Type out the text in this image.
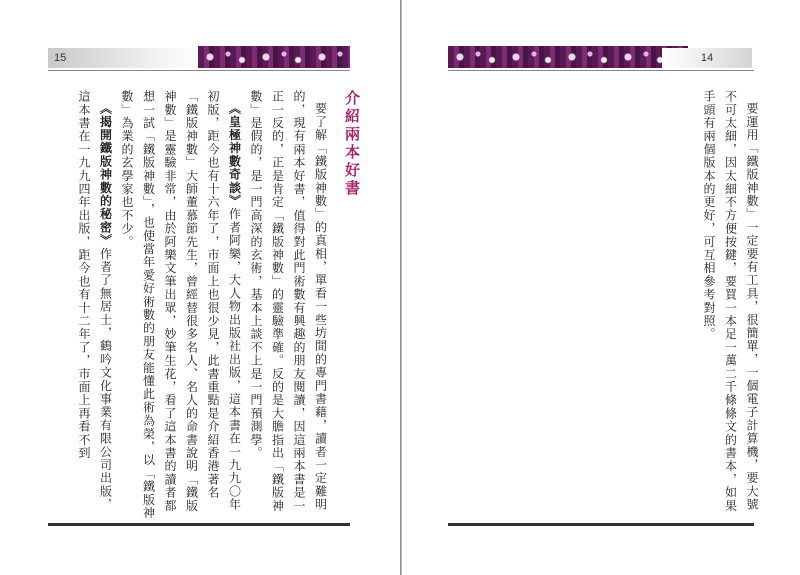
15

介紹兩本好書

要了解「鐵版神數」的真相，單看一些坊間的專門書藉，讀者一定難明的，現有兩本好書，值得對此門術數有興趣的朋友閱讀，因這兩本書是一正一反的，正是肯定「鐵版神數」的靈驗準確。反的是大膽指出「鐵版神數」是假的，是一門高深的玄術，基本上談不上是一門預測學。

《皇極神數奇談》作者阿樂，大人物出版社出版，這本書在一九九〇年初版，距今也有十六年了，市面上也很少見，此書重點是介紹香港著名「鐵版神數」大師董慕節先生，曾經替很多名人、名人的命書說明「鐵版神數」是靈驗非常，由於阿樂文筆出眾，妙筆生花，看了這本書的讀者都想一試「鐵版神數」，也使當年愛好術數的朋友能懂此術為榮，以「鐵版神數」為業的玄學家也不少。

《揭開鐵版神數的秘密》作者了無居士，鶴吟文化事業有限公司出版，這本書在一九九四年出版，距今也有十二年了，市面上再看不到

14

要運用「鐵版神數」一定要有工具，很簡單，一個電子計算機，要大號不可太細，因太細不方便按鍵，要買一本足一萬二千條條文的書本，如果手頭有兩個版本的更好，可互相參考對照。
